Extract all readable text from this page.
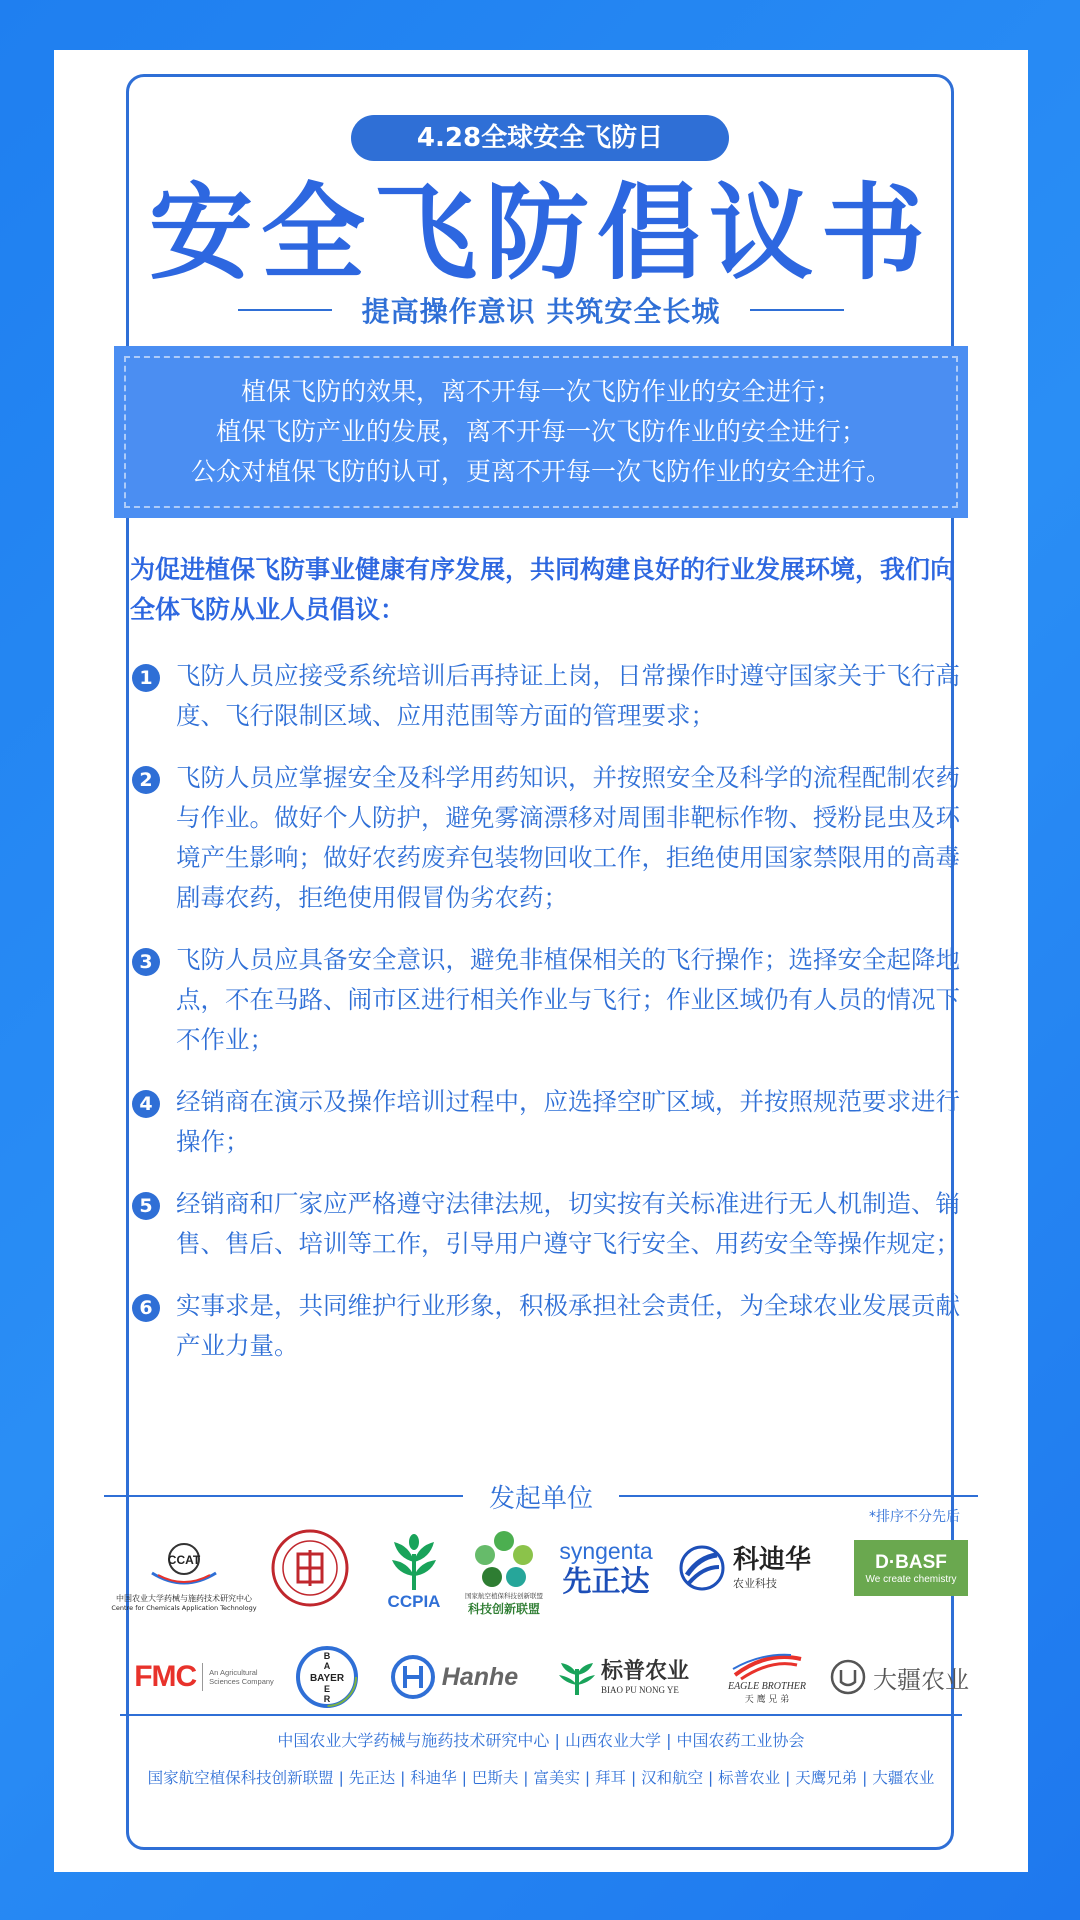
4.28全球安全飞防日
安全飞防倡议书
提高操作意识 共筑安全长城
植保飞防的效果，离不开每一次飞防作业的安全进行；
植保飞防产业的发展，离不开每一次飞防作业的安全进行；
公众对植保飞防的认可，更离不开每一次飞防作业的安全进行。
为促进植保飞防事业健康有序发展，共同构建良好的行业发展环境，我们向全体飞防从业人员倡议：
1 飞防人员应接受系统培训后再持证上岗，日常操作时遵守国家关于飞行高度、飞行限制区域、应用范围等方面的管理要求；
2 飞防人员应掌握安全及科学用药知识，并按照安全及科学的流程配制农药与作业。做好个人防护，避免雾滴漂移对周围非靶标作物、授粉昆虫及环境产生影响；做好农药废弃包装物回收工作，拒绝使用国家禁限用的高毒剧毒农药，拒绝使用假冒伪劣农药；
3 飞防人员应具备安全意识，避免非植保相关的飞行操作；选择安全起降地点，不在马路、闹市区进行相关作业与飞行；作业区域仍有人员的情况下不作业；
4 经销商在演示及操作培训过程中，应选择空旷区域，并按照规范要求进行操作；
5 经销商和厂家应严格遵守法律法规，切实按有关标准进行无人机制造、销售、售后、培训等工作，引导用户遵守飞行安全、用药安全等操作规定；
6 实事求是，共同维护行业形象，积极承担社会责任，为全球农业发展贡献产业力量。
发起单位
*排序不分先后
CCAT
中国农业大学药械与施药技术研究中心
Centre for Chemicals Application Technology	CCPIA	国家航空植保科技创新联盟
科技创新联盟
syngenta
先正达
科迪华
农业科技
D·BASF
We create chemistry
FMC An Agricultural
Sciences Company
B
A
BAYER
E
R
Hanhe	标普农业
BIAO PU NONG YE	EAGLE BROTHER
天 鹰 兄 弟
大疆农业
中国农业大学药械与施药技术研究中心 | 山西农业大学 | 中国农药工业协会
国家航空植保科技创新联盟 | 先正达 | 科迪华 | 巴斯夫 | 富美实 | 拜耳 | 汉和航空 | 标普农业 | 天鹰兄弟 | 大疆农业
